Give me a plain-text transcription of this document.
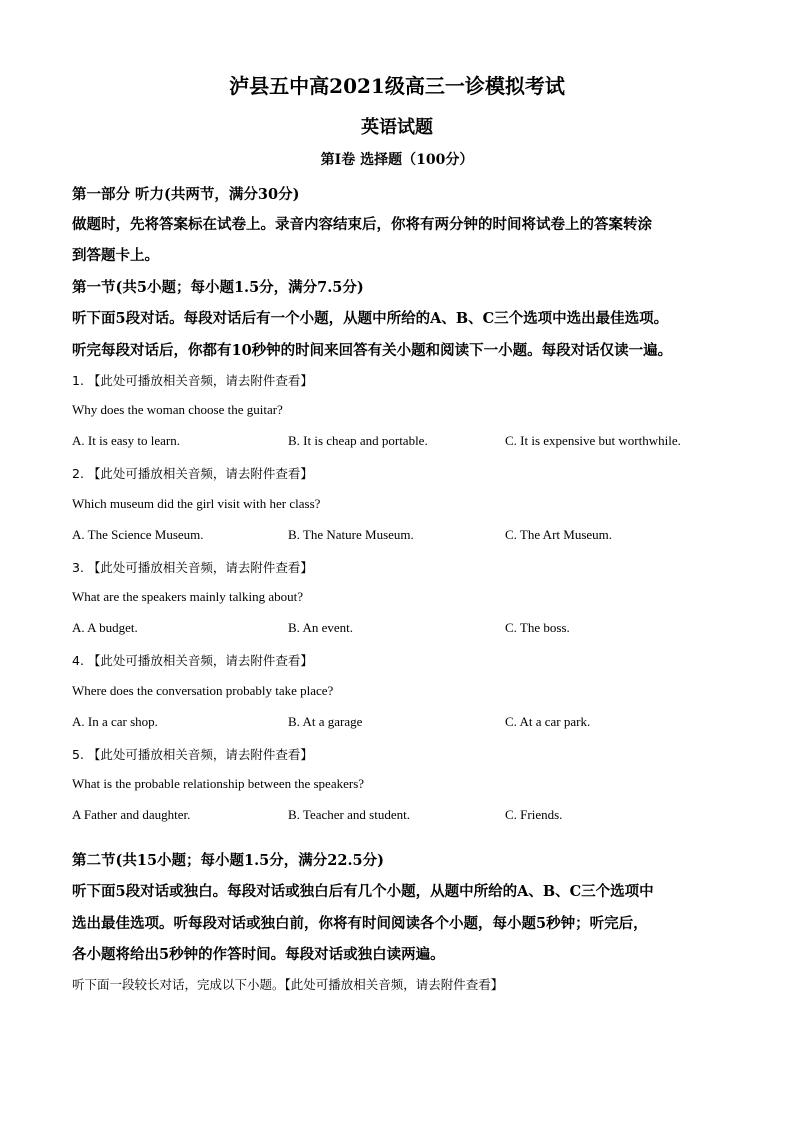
泸县五中高2021级高三一诊模拟考试
英语试题
第I卷 选择题（100分）
第一部分 听力(共两节，满分30分)
做题时，先将答案标在试卷上。录音内容结束后，你将有两分钟的时间将试卷上的答案转涂
到答题卡上。
第一节(共5小题；每小题1.5分，满分7.5分)
听下面5段对话。每段对话后有一个小题，从题中所给的A、B、C三个选项中选出最佳选项。
听完每段对话后，你都有10秒钟的时间来回答有关小题和阅读下一小题。每段对话仅读一遍。
1. 【此处可播放相关音频，请去附件查看】
Why does the woman choose the guitar?
A. It is easy to learn.	B. It is cheap and portable.	C. It is expensive but worthwhile.
2. 【此处可播放相关音频，请去附件查看】
Which museum did the girl visit with her class?
A. The Science Museum.	B. The Nature Museum.	C. The Art Museum.
3. 【此处可播放相关音频，请去附件查看】
What are the speakers mainly talking about?
A. A budget.	B. An event.	C. The boss.
4. 【此处可播放相关音频，请去附件查看】
Where does the conversation probably take place?
A. In a car shop.	B. At a garage	C. At a car park.
5. 【此处可播放相关音频，请去附件查看】
What is the probable relationship between the speakers?
A Father and daughter.	B. Teacher and student.	C. Friends.
第二节(共15小题；每小题1.5分，满分22.5分)
听下面5段对话或独白。每段对话或独白后有几个小题，从题中所给的A、B、C三个选项中
选出最佳选项。听每段对话或独白前，你将有时间阅读各个小题，每小题5秒钟；听完后，
各小题将给出5秒钟的作答时间。每段对话或独白读两遍。
听下面一段较长对话，完成以下小题。【此处可播放相关音频，请去附件查看】
